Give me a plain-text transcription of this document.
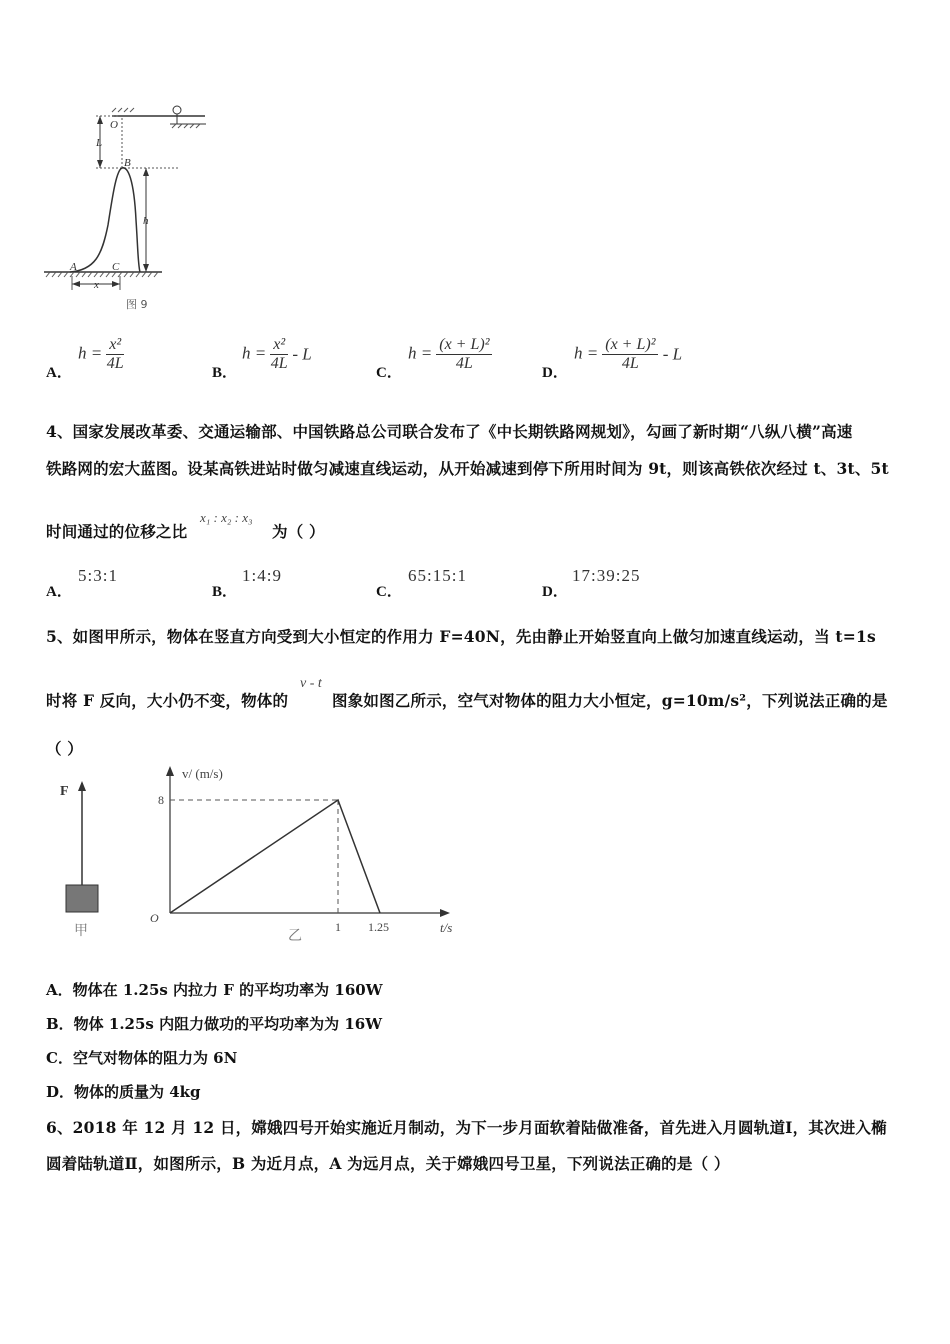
O
L
B
h
A	C
x
图 9
A．
$h = \frac{\text{x²}}{4L}$	B．
$h = \frac{\text{x²}}{4L} - L$
C．
$h = \frac{\text{(x + L)²}}{4L}$	D．
$h = \frac{\text{(x + L)²}}{4L} - L$
4、国家发展改革委、交通运输部、中国铁路总公司联合发布了《中长期铁路网规划》，勾画了新时期“八纵八横”高速
铁路网的宏大蓝图。设某高铁进站时做匀减速直线运动，从开始减速到停下所用时间为 9t，则该高铁依次经过 t、3t、5t
时间通过的位移之比
x₁ : x₂ : x₃
为（ ）
A．
5:3:1
B．
1:4:9
C．
65:15:1
D．
17:39:25
5、如图甲所示，物体在竖直方向受到大小恒定的作用力 F=40N，先由静止开始竖直向上做匀加速直线运动，当 t=1s
时将 F 反向，大小仍不变，物体的
v - t
图象如图乙所示，空气对物体的阻力大小恒定，g=10m/s²，下列说法正确的是
（ ）
F
甲
v/ (m/s)
t/s
O
8
1 1.25
乙
A．物体在 1.25s 内拉力 F 的平均功率为 160W
B．物体 1.25s 内阻力做功的平均功率为为 16W
C．空气对物体的阻力为 6N
D．物体的质量为 4kg
6、2018 年 12 月 12 日，嫦娥四号开始实施近月制动，为下一步月面软着陆做准备，首先进入月圆轨道Ⅰ，其次进入椭
圆着陆轨道Ⅱ，如图所示，B 为近月点，A 为远月点，关于嫦娥四号卫星，下列说法正确的是（ ）
